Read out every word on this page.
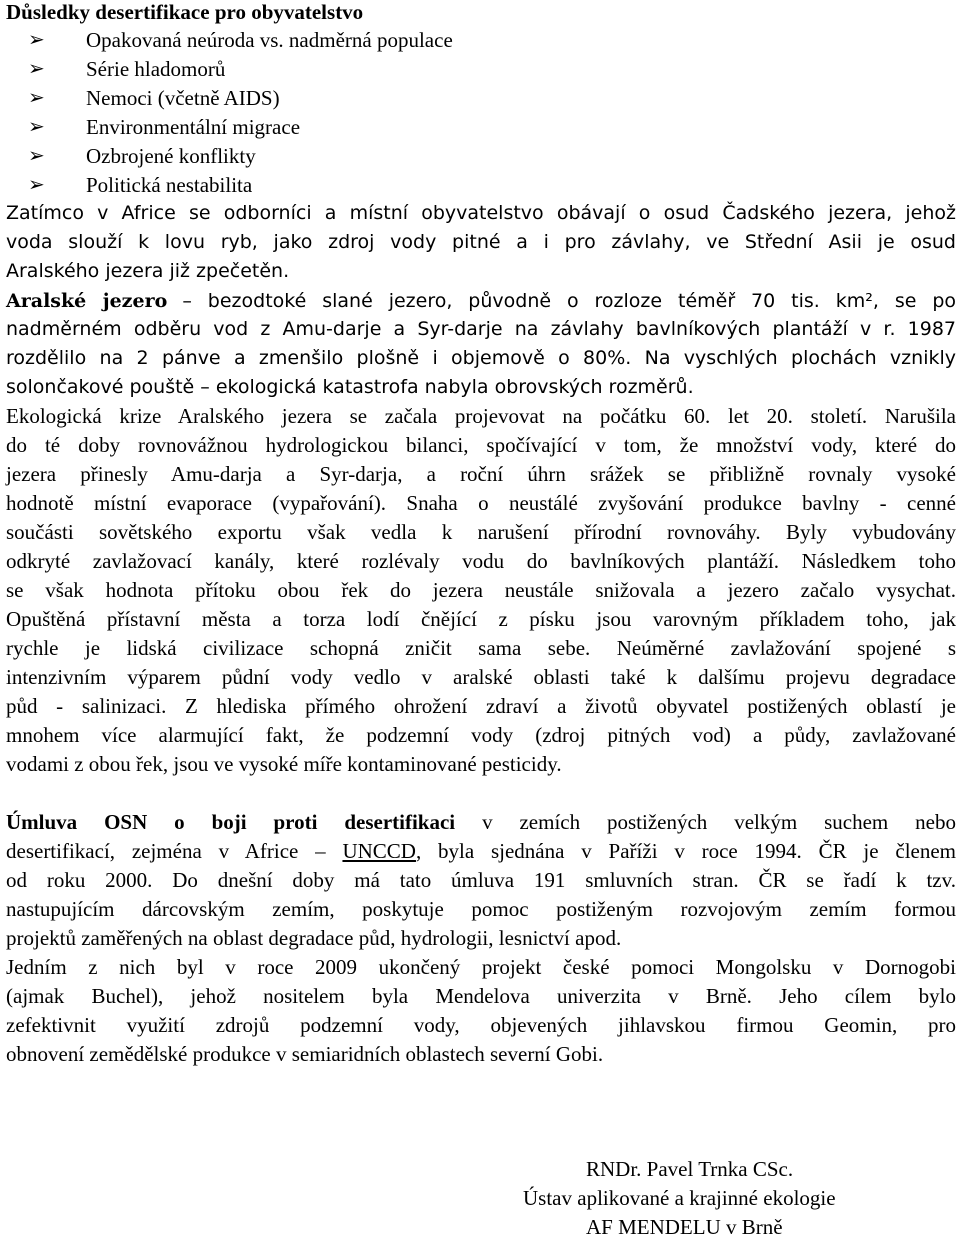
Důsledky desertifikace pro obyvatelstvo
➢ Opakovaná neúroda vs. nadměrná populace
➢ Série hladomorů
➢ Nemoci (včetně AIDS)
➢ Environmentální migrace
➢ Ozbrojené konflikty
➢ Politická nestabilita
Zatímco v Africe se odborníci a místní obyvatelstvo obávají o osud Čadského jezera, jehož
voda slouží k lovu ryb, jako zdroj vody pitné a i pro závlahy, ve Střední Asii je osud
Aralského jezera již zpečetěn.
Aralské jezero – bezodtoké slané jezero, původně o rozloze téměř 70 tis. km², se po
nadměrném odběru vod z Amu-darje a Syr-darje na závlahy bavlníkových plantáží v r. 1987
rozdělilo na 2 pánve a zmenšilo plošně i objemově o 80%. Na vyschlých plochách vznikly
solončakové pouště – ekologická katastrofa nabyla obrovských rozměrů.
Ekologická krize Aralského jezera se začala projevovat na počátku 60. let 20. století. Narušila
do té doby rovnovážnou hydrologickou bilanci, spočívající v tom, že množství vody, které do
jezera přinesly Amu-darja a Syr-darja, a roční úhrn srážek se přibližně rovnaly vysoké
hodnotě místní evaporace (vypařování). Snaha o neustálé zvyšování produkce bavlny - cenné
součásti sovětského exportu však vedla k narušení přírodní rovnováhy. Byly vybudovány
odkryté zavlažovací kanály, které rozlévaly vodu do bavlníkových plantáží. Následkem toho
se však hodnota přítoku obou řek do jezera neustále snižovala a jezero začalo vysychat.
Opuštěná přístavní města a torza lodí čnějící z písku jsou varovným příkladem toho, jak
rychle je lidská civilizace schopná zničit sama sebe. Neúměrné zavlažování spojené s
intenzivním výparem půdní vody vedlo v aralské oblasti také k dalšímu projevu degradace
půd - salinizaci. Z hlediska přímého ohrožení zdraví a životů obyvatel postižených oblastí je
mnohem více alarmující fakt, že podzemní vody (zdroj pitných vod) a půdy, zavlažované
vodami z obou řek, jsou ve vysoké míře kontaminované pesticidy.
Úmluva OSN o boji proti desertifikaci v zemích postižených velkým suchem nebo
desertifikací, zejména v Africe – UNCCD, byla sjednána v Paříži v roce 1994. ČR je členem
od roku 2000. Do dnešní doby má tato úmluva 191 smluvních stran. ČR se řadí k tzv.
nastupujícím dárcovským zemím, poskytuje pomoc postiženým rozvojovým zemím formou
projektů zaměřených na oblast degradace půd, hydrologii, lesnictví apod.
Jedním z nich byl v roce 2009 ukončený projekt české pomoci Mongolsku v Dornogobi
(ajmak Buchel), jehož nositelem byla Mendelova univerzita v Brně. Jeho cílem bylo
zefektivnit využití zdrojů podzemní vody, objevených jihlavskou firmou Geomin, pro
obnovení zemědělské produkce v semiaridních oblastech severní Gobi.
RNDr. Pavel Trnka CSc.
Ústav aplikované a krajinné ekologie
AF MENDELU v Brně
